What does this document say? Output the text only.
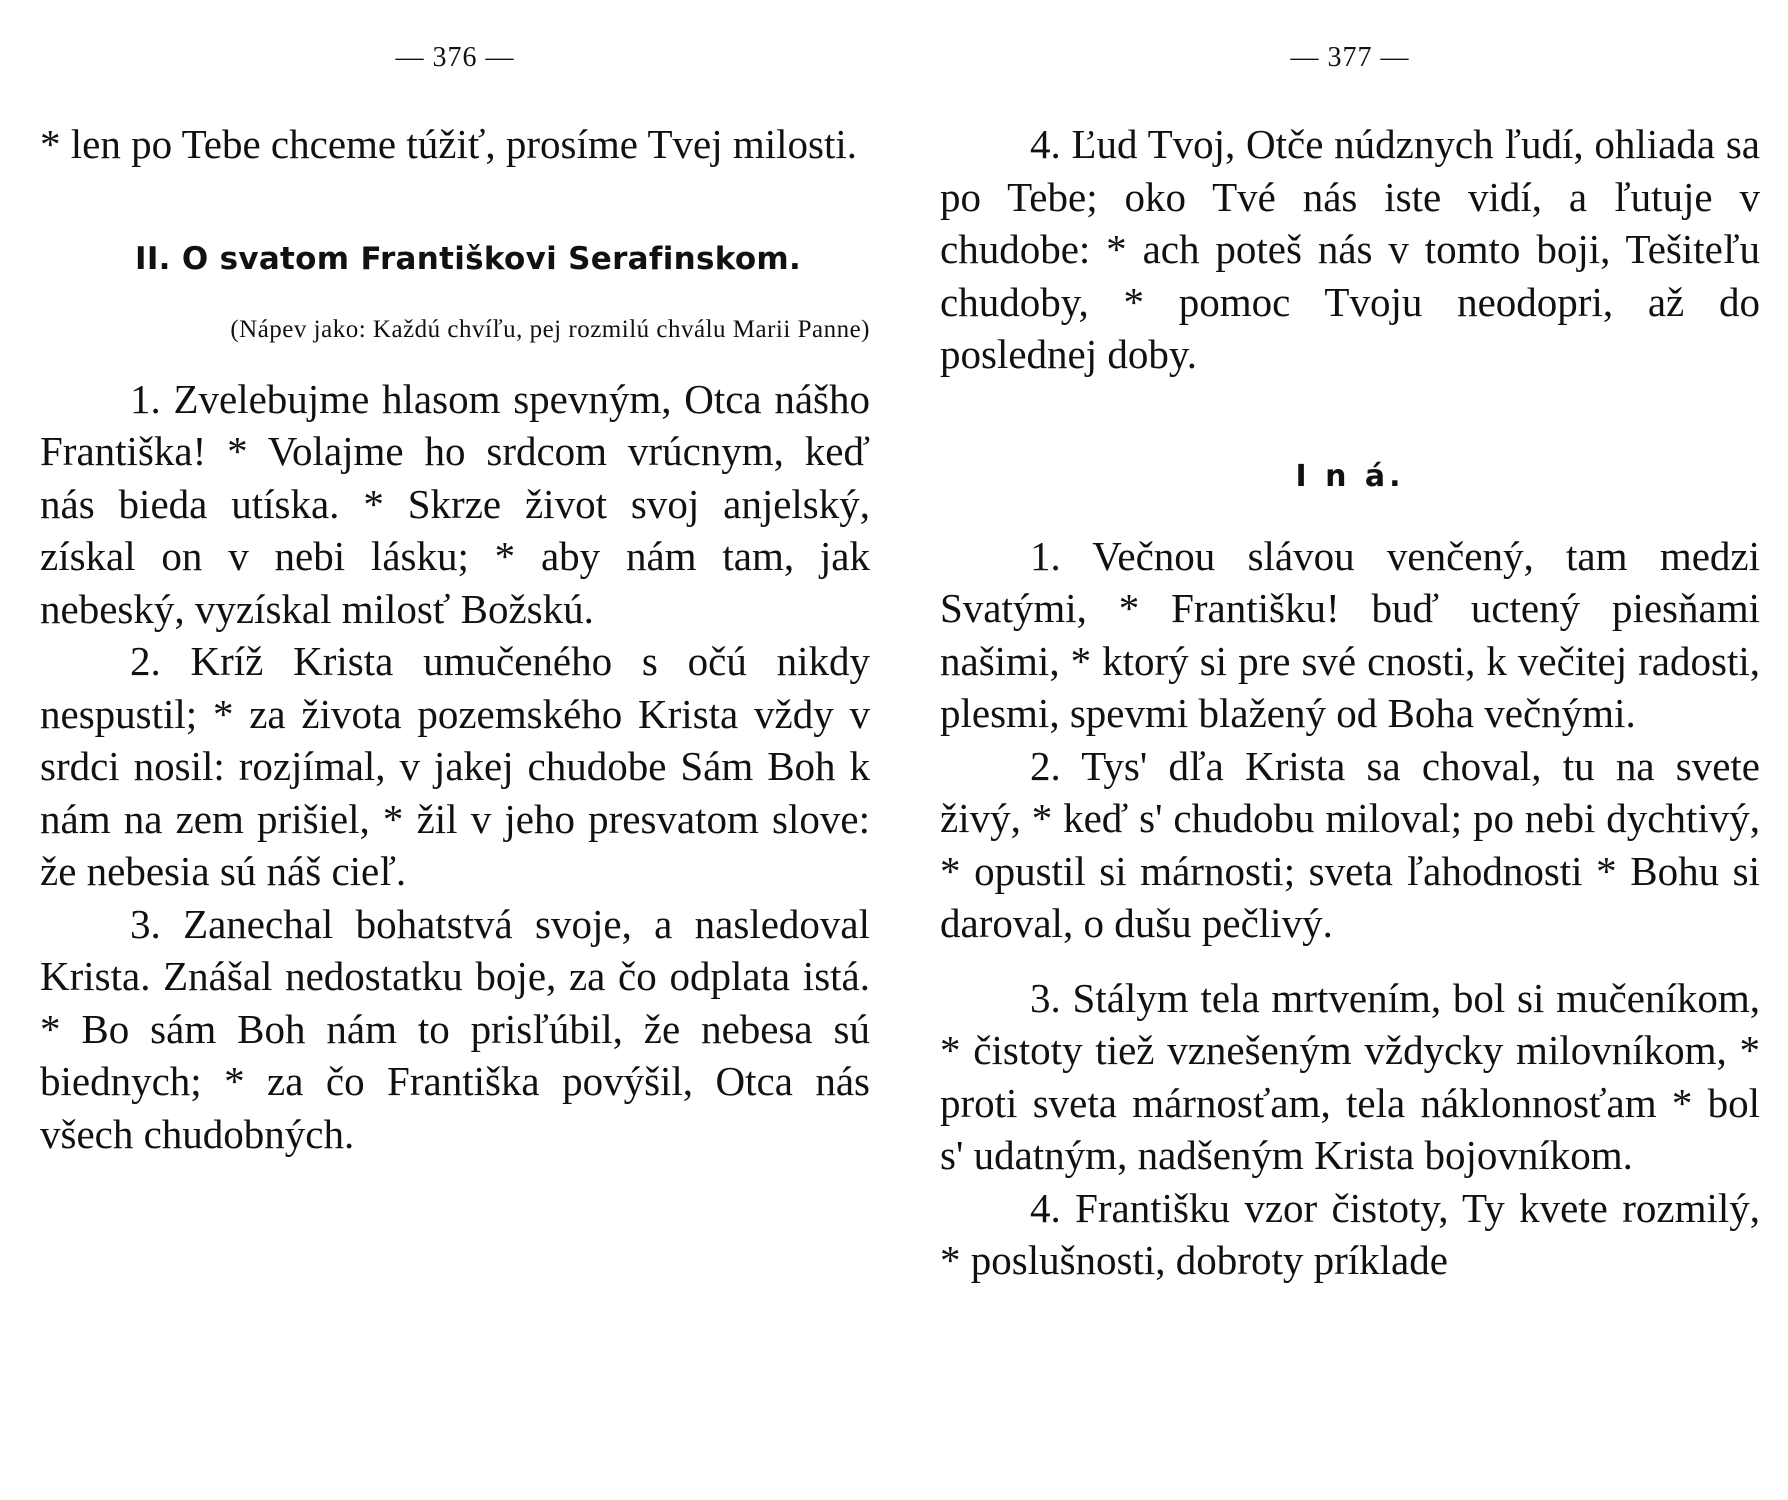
— 376 —

* len po Tebe chceme túžiť, prosíme Tvej milosti.

II. O svatom Františkovi Serafinskom.
(Nápev jako: Každú chvíľu, pej rozmilú chválu Marii Panne)

1. Zvelebujme hlasom spevným, Otca nášho Františka! * Volajme ho srdcom vrúcnym, keď nás bieda utíska. * Skrze život svoj anjelský, získal on v nebi lásku; * aby nám tam, jak nebeský, vyzískal milosť Božskú.

2. Kríž Krista umučeného s očú nikdy nespustil; * za života pozemského Krista vždy v srdci nosil: rozjímal, v jakej chudobe Sám Boh k nám na zem prišiel, * žil v jeho presvatom slove: že nebesia sú náš cieľ.

3. Zanechal bohatstvá svoje, a nasledoval Krista. Znášal nedostatku boje, za čo odplata istá. * Bo sám Boh nám to prisľúbil, že nebesa sú biednych; * za čo Františka povýšil, Otca nás všech chudobných.

— 377 —

4. Ľud Tvoj, Otče núdznych ľudí, ohliada sa po Tebe; oko Tvé nás iste vidí, a ľutuje v chudobe: * ach poteš nás v tomto boji, Tešiteľu chudoby, * pomoc Tvoju neodopri, až do poslednej doby.

I n á.

1. Večnou slávou venčený, tam medzi Svatými, * Františku! buď uctený piesňami našimi, * ktorý si pre své cnosti, k večitej radosti, plesmi, spevmi blažený od Boha večnými.

2. Tys' dľa Krista sa choval, tu na svete živý, * keď s' chudobu miloval; po nebi dychtivý, * opustil si márnosti; sveta ľahodnosti * Bohu si daroval, o dušu pečlivý.

3. Stálym tela mrtvením, bol si mučeníkom, * čistoty tiež vznešeným vždycky milovníkom, * proti sveta márnosťam, tela náklonnosťam * bol s' udatným, nadšeným Krista bojovníkom.

4. Františku vzor čistoty, Ty kvete rozmilý, * poslušnosti, dobroty príklade
